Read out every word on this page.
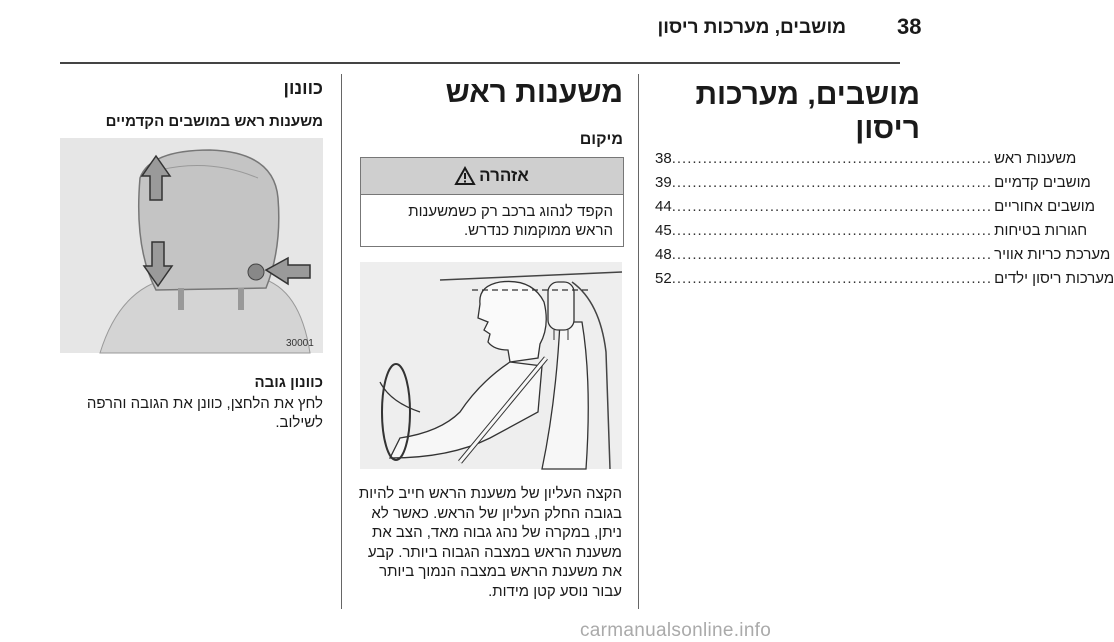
38
מושבים, מערכות ריסון
מושבים, מערכות ריסון
38 .............................................................. משענות ראש
39 .............................................................. מושבים קדמיים
44 .............................................................. מושבים אחוריים
45 .............................................................. חגורות בטיחות
48 .............................................................. מערכת כריות אוויר
52 .............................................................. מערכות ריסון ילדים
משענות ראש
מיקום
אזהרה
הקפד לנהוג ברכב רק כשמשענות הראש ממוקמות כנדרש.
הקצה העליון של משענת הראש חייב להיות בגובה החלק העליון של הראש. כאשר לא ניתן, במקרה של נהג גבוה מאד, הצב את משענת הראש במצבה הגבוה ביותר. קבע את משענת הראש במצבה הנמוך ביותר עבור נוסע קטן מידות.
כוונון
משענות ראש במושבים הקדמיים
30001
כוונון גובה
לחץ את הלחצן, כוונן את הגובה והרפה לשילוב.
carmanualsonline.info
